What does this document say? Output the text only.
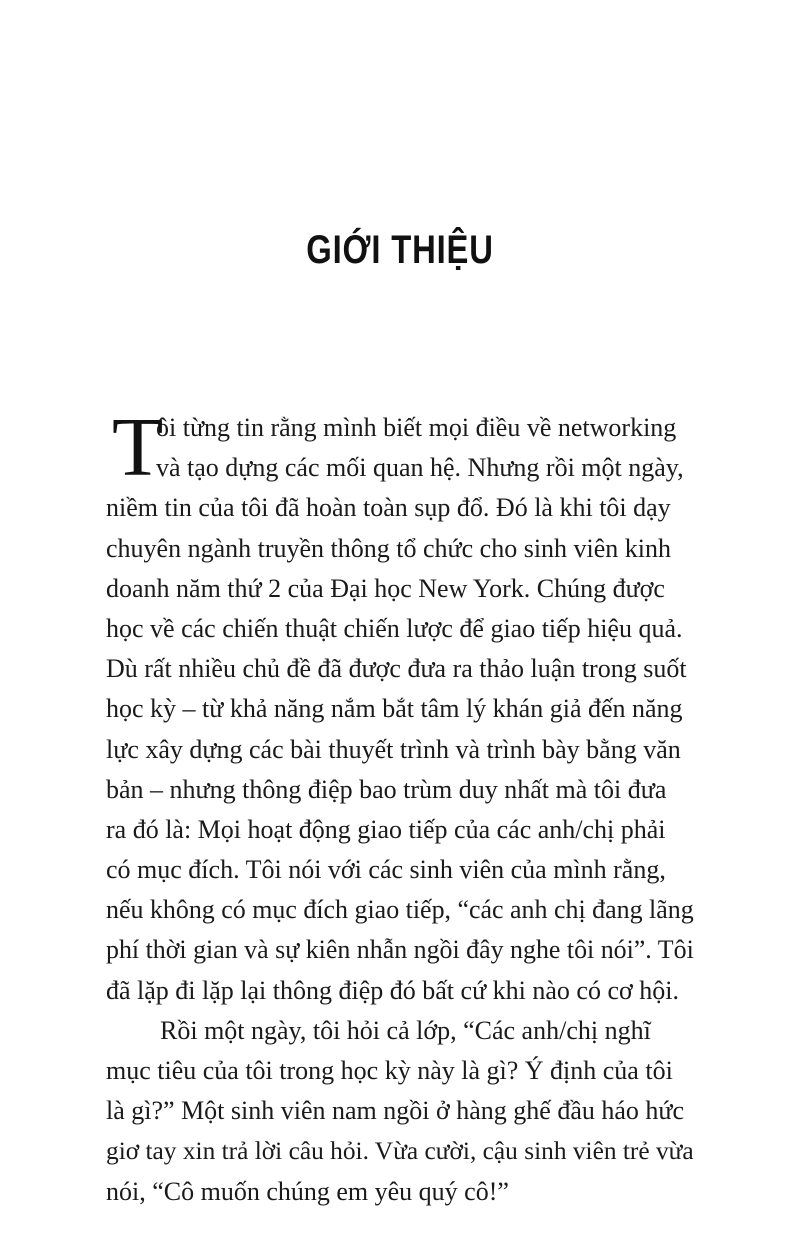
GIỚI THIỆU
T
ôi từng tin rằng mình biết mọi điều về networking
và tạo dựng các mối quan hệ. Nhưng rồi một ngày,
niềm tin của tôi đã hoàn toàn sụp đổ. Đó là khi tôi dạy
chuyên ngành truyền thông tổ chức cho sinh viên kinh
doanh năm thứ 2 của Đại học New York. Chúng được
học về các chiến thuật chiến lược để giao tiếp hiệu quả.
Dù rất nhiều chủ đề đã được đưa ra thảo luận trong suốt
học kỳ – từ khả năng nắm bắt tâm lý khán giả đến năng
lực xây dựng các bài thuyết trình và trình bày bằng văn
bản – nhưng thông điệp bao trùm duy nhất mà tôi đưa
ra đó là: Mọi hoạt động giao tiếp của các anh/chị phải
có mục đích. Tôi nói với các sinh viên của mình rằng,
nếu không có mục đích giao tiếp, “các anh chị đang lãng
phí thời gian và sự kiên nhẫn ngồi đây nghe tôi nói”. Tôi
đã lặp đi lặp lại thông điệp đó bất cứ khi nào có cơ hội.
Rồi một ngày, tôi hỏi cả lớp, “Các anh/chị nghĩ
mục tiêu của tôi trong học kỳ này là gì? Ý định của tôi
là gì?” Một sinh viên nam ngồi ở hàng ghế đầu háo hức
giơ tay xin trả lời câu hỏi. Vừa cười, cậu sinh viên trẻ vừa
nói, “Cô muốn chúng em yêu quý cô!”
